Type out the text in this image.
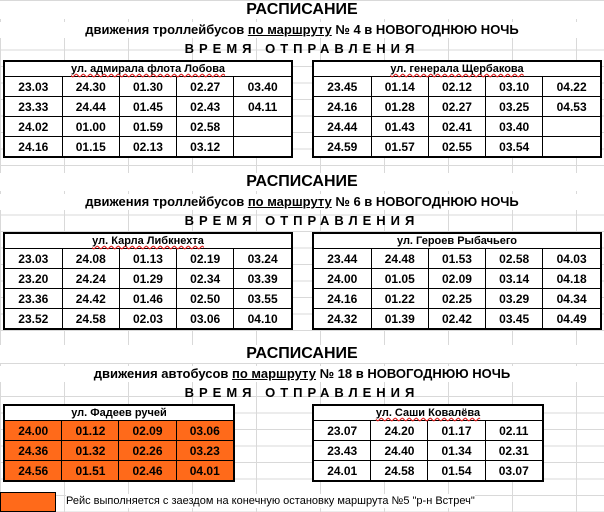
РАСПИСАНИЕ
движения троллейбусов по маршруту № 4 в НОВОГОДНЮЮ НОЧЬ
ВРЕМЯ ОТПРАВЛЕНИЯ
ул. адмирала флота Лобова				
23.03	24.30	01.30	02.27	03.40
23.33	24.44	01.45	02.43	04.11
24.02	01.00	01.59	02.58	
24.16	01.15	02.13	03.12	
ул. генерала Щербакова				
23.45	01.14	02.12	03.10	04.22
24.16	01.28	02.27	03.25	04.53
24.44	01.43	02.41	03.40	
24.59	01.57	02.55	03.54	
РАСПИСАНИЕ
движения троллейбусов по маршруту № 6 в НОВОГОДНЮЮ НОЧЬ
ВРЕМЯ ОТПРАВЛЕНИЯ
ул. Карла Либкнехта				
23.03	24.08	01.13	02.19	03.24
23.20	24.24	01.29	02.34	03.39
23.36	24.42	01.46	02.50	03.55
23.52	24.58	02.03	03.06	04.10
ул. Героев Рыбачьего				
23.44	24.48	01.53	02.58	04.03
24.00	01.05	02.09	03.14	04.18
24.16	01.22	02.25	03.29	04.34
24.32	01.39	02.42	03.45	04.49
РАСПИСАНИЕ
движения автобусов по маршруту № 18 в НОВОГОДНЮЮ НОЧЬ
ВРЕМЯ ОТПРАВЛЕНИЯ
ул. Фадеев ручей			
24.00	01.12	02.09	03.06
24.36	01.32	02.26	03.23
24.56	01.51	02.46	04.01
ул. Саши Ковалёва			
23.07	24.20	01.17	02.11
23.43	24.40	01.34	02.31
24.01	24.58	01.54	03.07
Рейс выполняется с заездом на конечную остановку маршрута №5 "р-н Встреч"
